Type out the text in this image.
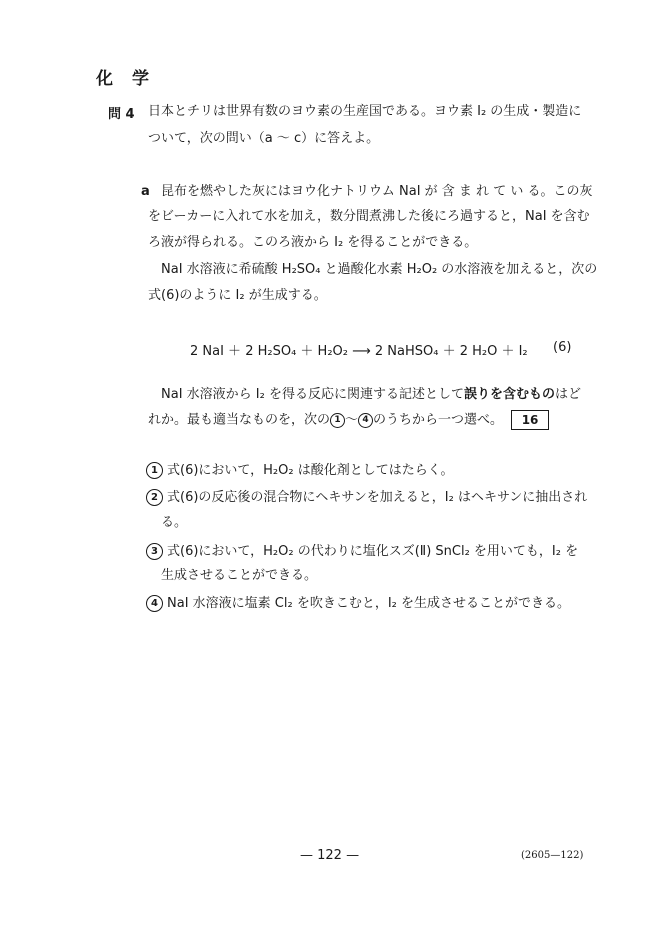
化　学
問 4 日本とチリは世界有数のヨウ素の生産国である。ヨウ素 I₂ の生成・製造に
ついて，次の問い（a ～ c）に答えよ。
a 昆布を燃やした灰にはヨウ化ナトリウム NaI が 含 ま れ て い る。この灰
をビーカーに入れて水を加え，数分間煮沸した後にろ過すると，NaI を含む
ろ液が得られる。このろ液から I₂ を得ることができる。
NaI 水溶液に希硫酸 H₂SO₄ と過酸化水素 H₂O₂ の水溶液を加えると，次の
式(6)のように I₂ が生成する。
2 NaI ＋ 2 H₂SO₄ ＋ H₂O₂ ⟶ 2 NaHSO₄ ＋ 2 H₂O ＋ I₂ (6)
NaI 水溶液から I₂ を得る反応に関連する記述として誤りを含むものはど
れか。最も適当なものを，次の 1 ～ 4 のうちから一つ選べ。 16
1 式(6)において，H₂O₂ は酸化剤としてはたらく。
2 式(6)の反応後の混合物にヘキサンを加えると，I₂ はヘキサンに抽出され
る。
3 式(6)において，H₂O₂ の代わりに塩化スズ(Ⅱ) SnCl₂ を用いても，I₂ を
生成させることができる。
4 NaI 水溶液に塩素 Cl₂ を吹きこむと，I₂ を生成させることができる。
— 122 —	(2605—122)
